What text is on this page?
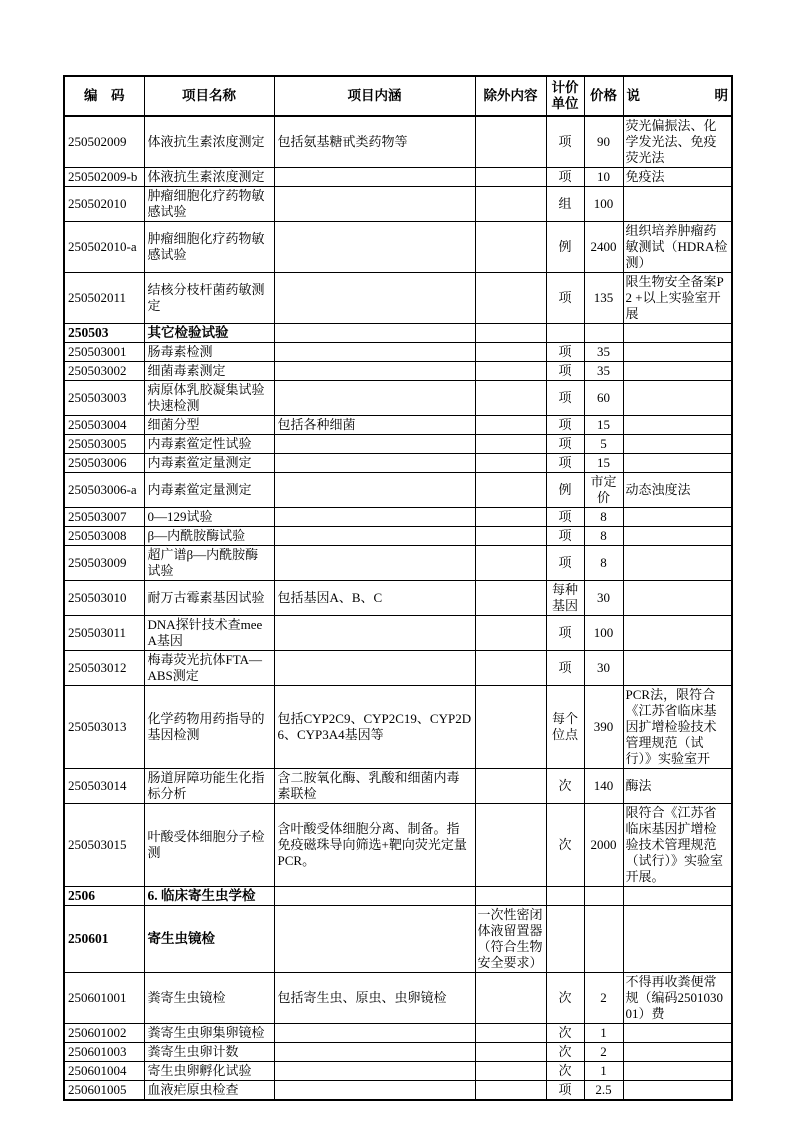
编　码	项目名称	项目内涵	除外内容	计价单位	价格	说 明
250502009	体液抗生素浓度测定	包括氨基糖甙类药物等		项	90	荧光偏振法、化学发光法、免疫荧光法
250502009-b	体液抗生素浓度测定			项	10	免疫法
250502010	肿瘤细胞化疗药物敏感试验			组	100	
250502010-a	肿瘤细胞化疗药物敏感试验			例	2400	组织培养肿瘤药敏测试（HDRA检测）
250502011	结核分枝杆菌药敏测定			项	135	限生物安全备案P2 +以上实验室开展
250503	其它检验试验					
250503001	肠毒素检测			项	35	
250503002	细菌毒素测定			项	35	
250503003	病原体乳胶凝集试验快速检测			项	60	
250503004	细菌分型	包括各种细菌		项	15	
250503005	内毒素鲎定性试验			项	5	
250503006	内毒素鲎定量测定			项	15	
250503006-a	内毒素鲎定量测定			例	市定价	动态浊度法
250503007	0—129试验			项	8	
250503008	β—内酰胺酶试验			项	8	
250503009	超广谱β—内酰胺酶试验			项	8	
250503010	耐万古霉素基因试验	包括基因A、B、C		每种基因	30	
250503011	DNA探针技术查meeA基因			项	100	
250503012	梅毒荧光抗体FTA—ABS测定			项	30	
250503013	化学药物用药指导的基因检测	包括CYP2C9、CYP2C19、CYP2D6、CYP3A4基因等		每个位点	390	PCR法，限符合《江苏省临床基因扩增检验技术管理规范（试行）》实验室开
250503014	肠道屏障功能生化指标分析	含二胺氧化酶、乳酸和细菌内毒素联检		次	140	酶法
250503015	叶酸受体细胞分子检测	含叶酸受体细胞分离、制备。指免疫磁珠导向筛选+靶向荧光定量PCR。		次	2000	限符合《江苏省临床基因扩增检验技术管理规范（试行）》实验室开展。
2506	6. 临床寄生虫学检					
250601	寄生虫镜检		一次性密闭体液留置器（符合生物安全要求）			
250601001	粪寄生虫镜检	包括寄生虫、原虫、虫卵镜检		次	2	不得再收粪便常规（编码250103001）费
250601002	粪寄生虫卵集卵镜检			次	1	
250601003	粪寄生虫卵计数			次	2	
250601004	寄生虫卵孵化试验			次	1	
250601005	血液疟原虫检查			项	2.5	
